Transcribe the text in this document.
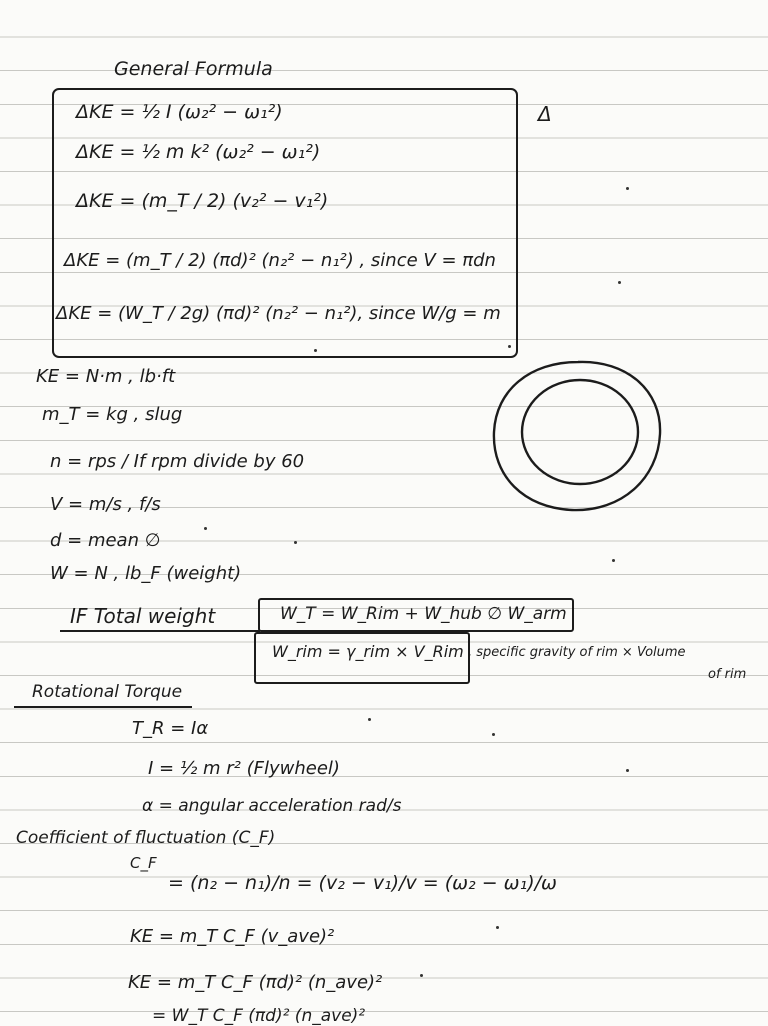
General Formula
Δ
ΔKE = ½ I (ω₂² − ω₁²)
ΔKE = ½ m k² (ω₂² − ω₁²)
ΔKE = (m_T / 2) (v₂² − v₁²)
ΔKE = (m_T / 2) (πd)² (n₂² − n₁²) , since V = πdn
ΔKE = (W_T / 2g) (πd)² (n₂² − n₁²), since W/g = m
KE = N·m , lb·ft
m_T = kg , slug
n = rps / If rpm divide by 60
V = m/s , f/s
d = mean ∅
W = N , lb_F (weight)
IF Total weight	W_T = W_Rim + W_hub ∅ W_arm
W_rim = γ_rim × V_Rim , specific gravity of rim × Volume
of rim
Rotational Torque
T_R = Iα
I = ½ m r² (Flywheel)
α = angular acceleration rad/s
Coefficient of fluctuation (C_F)
C_F
= (n₂ − n₁)/n = (v₂ − v₁)/v = (ω₂ − ω₁)/ω
KE = m_T C_F (v_ave)²
KE = m_T C_F (πd)² (n_ave)²
= W_T C_F (πd)² (n_ave)²
